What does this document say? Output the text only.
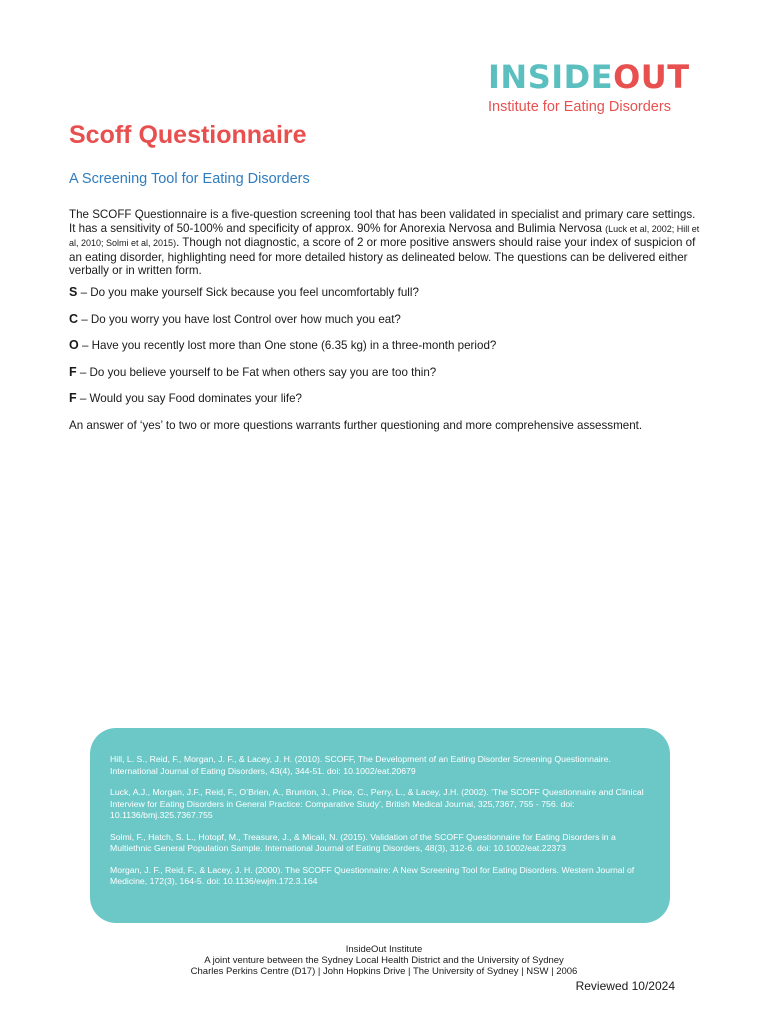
INSIDEOUT
Institute for Eating Disorders
Scoff Questionnaire
A Screening Tool for Eating Disorders

The SCOFF Questionnaire is a five-question screening tool that has been validated in specialist and primary care settings. It has a sensitivity of 50-100% and specificity of approx. 90% for Anorexia Nervosa and Bulimia Nervosa (Luck et al, 2002; Hill et al, 2010; Solmi et al, 2015). Though not diagnostic, a score of 2 or more positive answers should raise your index of suspicion of an eating disorder, highlighting need for more detailed history as delineated below. The questions can be delivered either verbally or in written form.

S – Do you make yourself Sick because you feel uncomfortably full?
C – Do you worry you have lost Control over how much you eat?
O – Have you recently lost more than One stone (6.35 kg) in a three-month period?
F – Do you believe yourself to be Fat when others say you are too thin?
F – Would you say Food dominates your life?

An answer of ‘yes’ to two or more questions warrants further questioning and more comprehensive assessment.

Hill, L. S., Reid, F., Morgan, J. F., & Lacey, J. H. (2010). SCOFF, The Development of an Eating Disorder Screening Questionnaire. International Journal of Eating Disorders, 43(4), 344-51. doi: 10.1002/eat.20679

Luck, A.J., Morgan, J.F., Reid, F., O’Brien, A., Brunton, J., Price, C., Perry, L., & Lacey, J.H. (2002). ‘The SCOFF Questionnaire and Clinical Interview for Eating Disorders in General Practice: Comparative Study’, British Medical Journal, 325,7367, 755 - 756. doi: 10.1136/bmj.325.7367.755

Solmi, F., Hatch, S. L., Hotopf, M., Treasure, J., & Micali, N. (2015). Validation of the SCOFF Questionnaire for Eating Disorders in a Multiethnic General Population Sample. International Journal of Eating Disorders, 48(3), 312-6. doi: 10.1002/eat.22373

Morgan, J. F., Reid, F., & Lacey, J. H. (2000). The SCOFF Questionnaire: A New Screening Tool for Eating Disorders. Western Journal of Medicine, 172(3), 164-5. doi: 10.1136/ewjm.172.3.164

InsideOut Institute

A joint venture between the Sydney Local Health District and the University of Sydney

Charles Perkins Centre (D17) | John Hopkins Drive | The University of Sydney | NSW | 2006

Reviewed 10/2024
